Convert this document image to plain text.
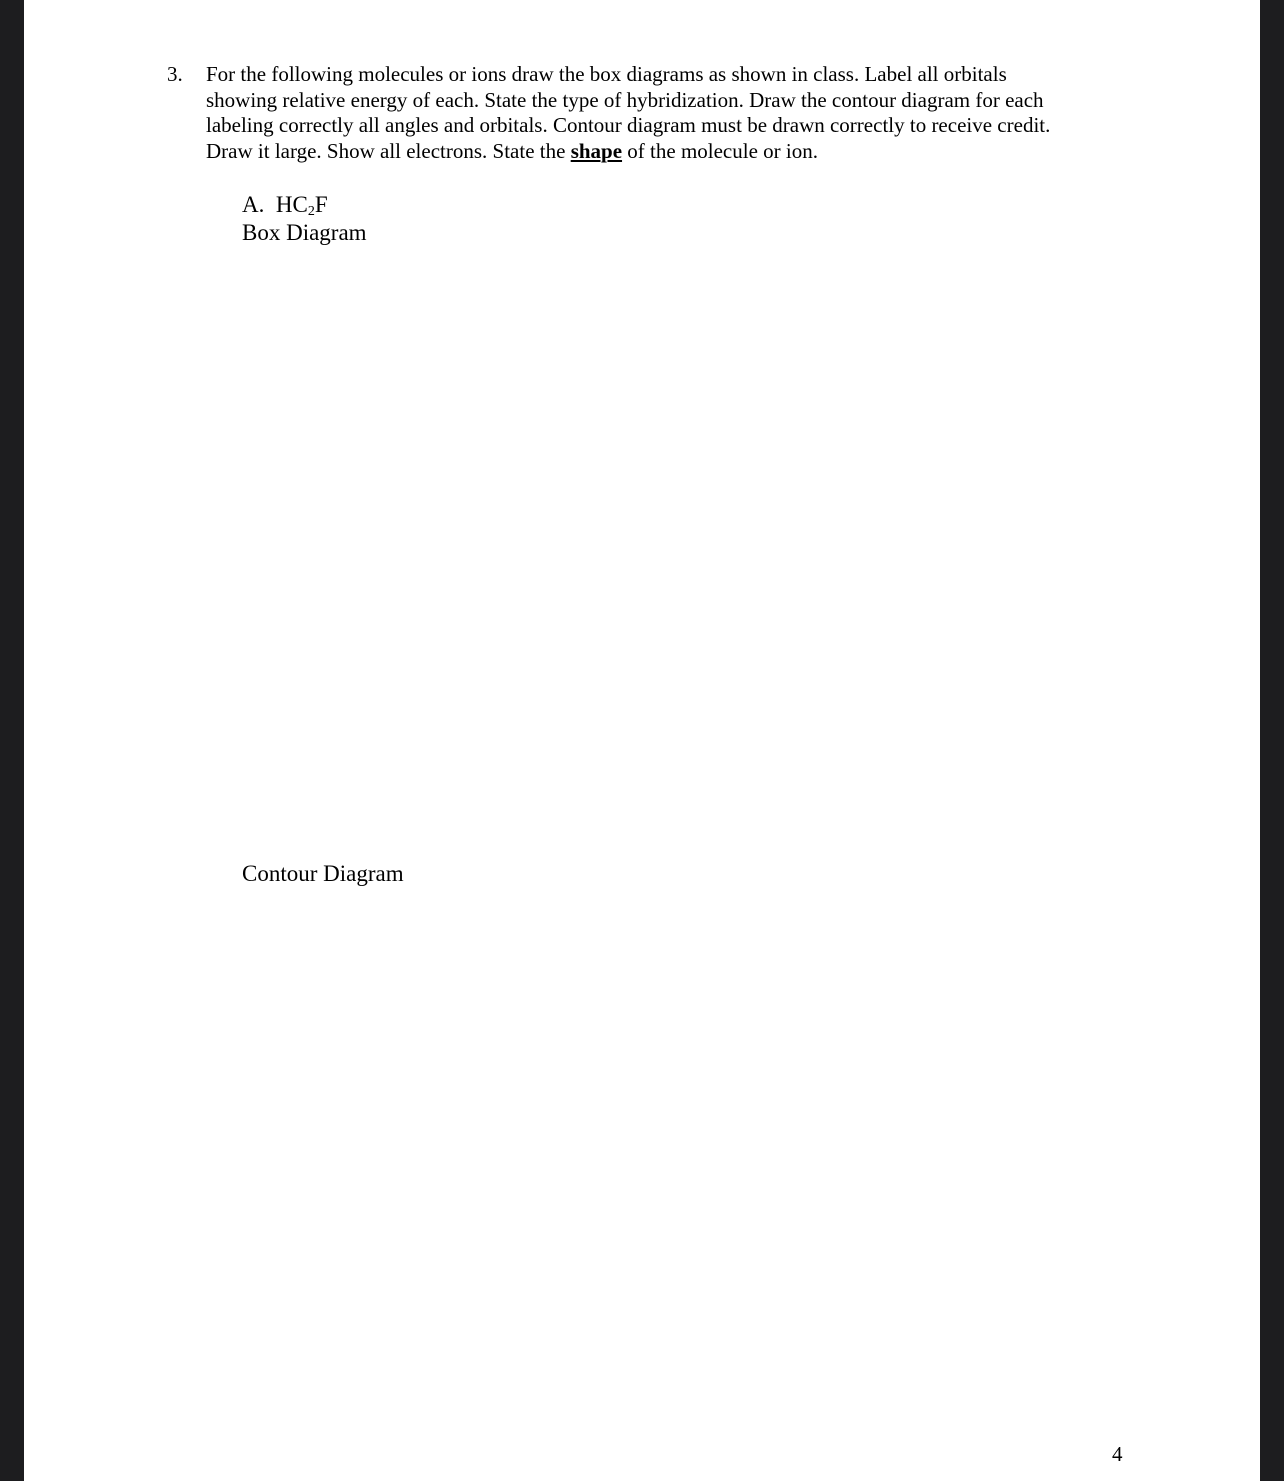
3. For the following molecules or ions draw the box diagrams as shown in class. Label all orbitals
showing relative energy of each. State the type of hybridization. Draw the contour diagram for each
labeling correctly all angles and orbitals. Contour diagram must be drawn correctly to receive credit.
Draw it large. Show all electrons. State the shape of the molecule or ion.
A. $HC_2F$
Box Diagram
Contour Diagram
4
